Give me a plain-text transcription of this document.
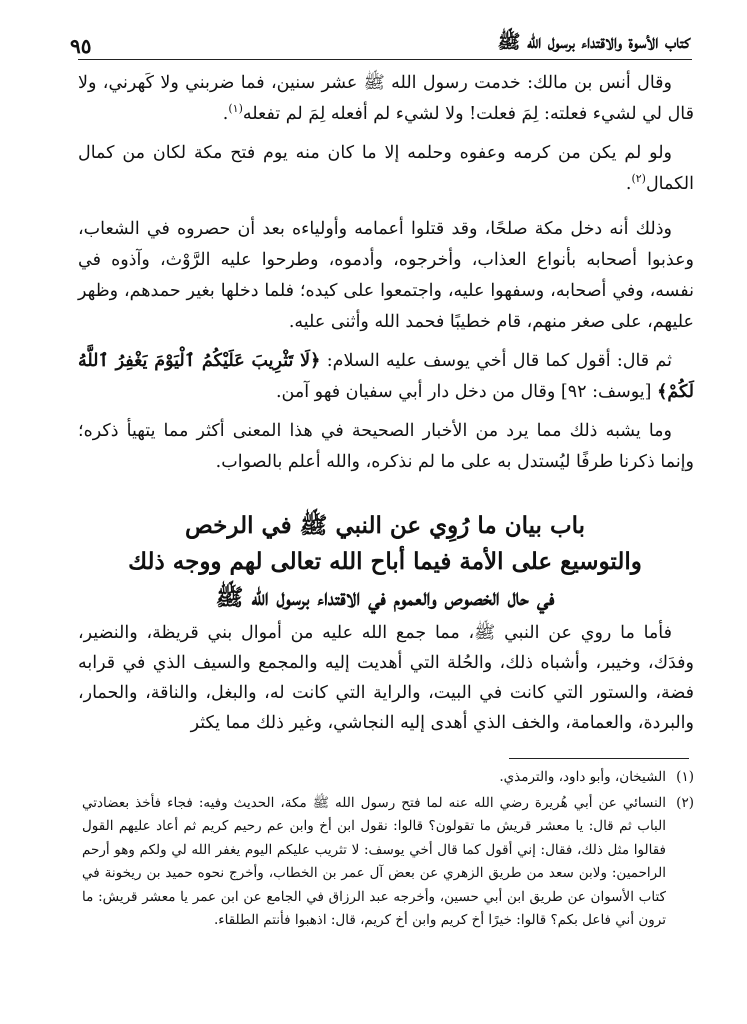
كتاب الأسوة والاقتداء برسول الله ﷺ
٩٥

وقال أنس بن مالك: خدمت رسول الله ﷺ عشر سنين، فما ضربني ولا كَهرني، ولا قال لي لشيء فعلته: لِمَ فعلت! ولا لشيء لم أفعله لِمَ لم تفعله$^{(١)}$.

ولو لم يكن من كرمه وعفوه وحلمه إلا ما كان منه يوم فتح مكة لكان من كمال الكمال$^{(٢)}$.

وذلك أنه دخل مكة صلحًا، وقد قتلوا أعمامه وأولياءه بعد أن حصروه في الشعاب، وعذبوا أصحابه بأنواع العذاب، وأخرجوه، وأدموه، وطرحوا عليه الرَّوْث، وآذوه في نفسه، وفي أصحابه، وسفهوا عليه، واجتمعوا على كيده؛ فلما دخلها بغير حمدهم، وظهر عليهم، على صغر منهم، قام خطيبًا فحمد الله وأثنى عليه.

ثم قال: أقول كما قال أخي يوسف عليه السلام: ﴿لَا تَثْرِيبَ عَلَيْكُمُ ٱلْيَوْمَ يَغْفِرُ ٱللَّهُ لَكُمْ﴾ [يوسف: ٩٢] وقال من دخل دار أبي سفيان فهو آمن.

وما يشبه ذلك مما يرد من الأخبار الصحيحة في هذا المعنى أكثر مما يتهيأ ذكره؛ وإنما ذكرنا طرفًا ليُستدل به على ما لم نذكره، والله أعلم بالصواب.

باب بيان ما رُوِي عن النبي ﷺ في الرخص
والتوسيع على الأمة فيما أباح الله تعالى لهم ووجه ذلك
في حال الخصوص والعموم في الاقتداء برسول الله ﷺ

فأما ما روي عن النبي ﷺ، مما جمع الله عليه من أموال بني قريظة، والنضير، وفدَك، وخيبر، وأشباه ذلك، والحُلة التي أهديت إليه والمجمع والسيف الذي في قرابه فضة، والستور التي كانت في البيت، والراية التي كانت له، والبغل، والناقة، والحمار، والبردة، والعمامة، والخف الذي أهدى إليه النجاشي، وغير ذلك مما يكثر

(١)
الشيخان، وأبو داود، والترمذي.
(٢)
النسائي عن أبي هُريرة رضي الله عنه لما فتح رسول الله ﷺ مكة، الحديث وفيه: فجاء فأخذ بعضادتي الباب ثم قال: يا معشر قريش ما تقولون؟ قالوا: نقول ابن أخ وابن عم رحيم كريم ثم أعاد عليهم القول فقالوا مثل ذلك، فقال: إني أقول كما قال أخي يوسف: لا تثريب عليكم اليوم يغفر الله لي ولكم وهو أرحم الراحمين: ولابن سعد من طريق الزهري عن بعض آل عمر بن الخطاب، وأخرج نحوه حميد بن ريخونة في كتاب الأسوان عن طريق ابن أبي حسين، وأخرجه عبد الرزاق في الجامع عن ابن عمر يا معشر قريش: ما ترون أني فاعل بكم؟ قالوا: خيرًا أخ كريم وابن أخ كريم، قال: اذهبوا فأنتم الطلقاء.
